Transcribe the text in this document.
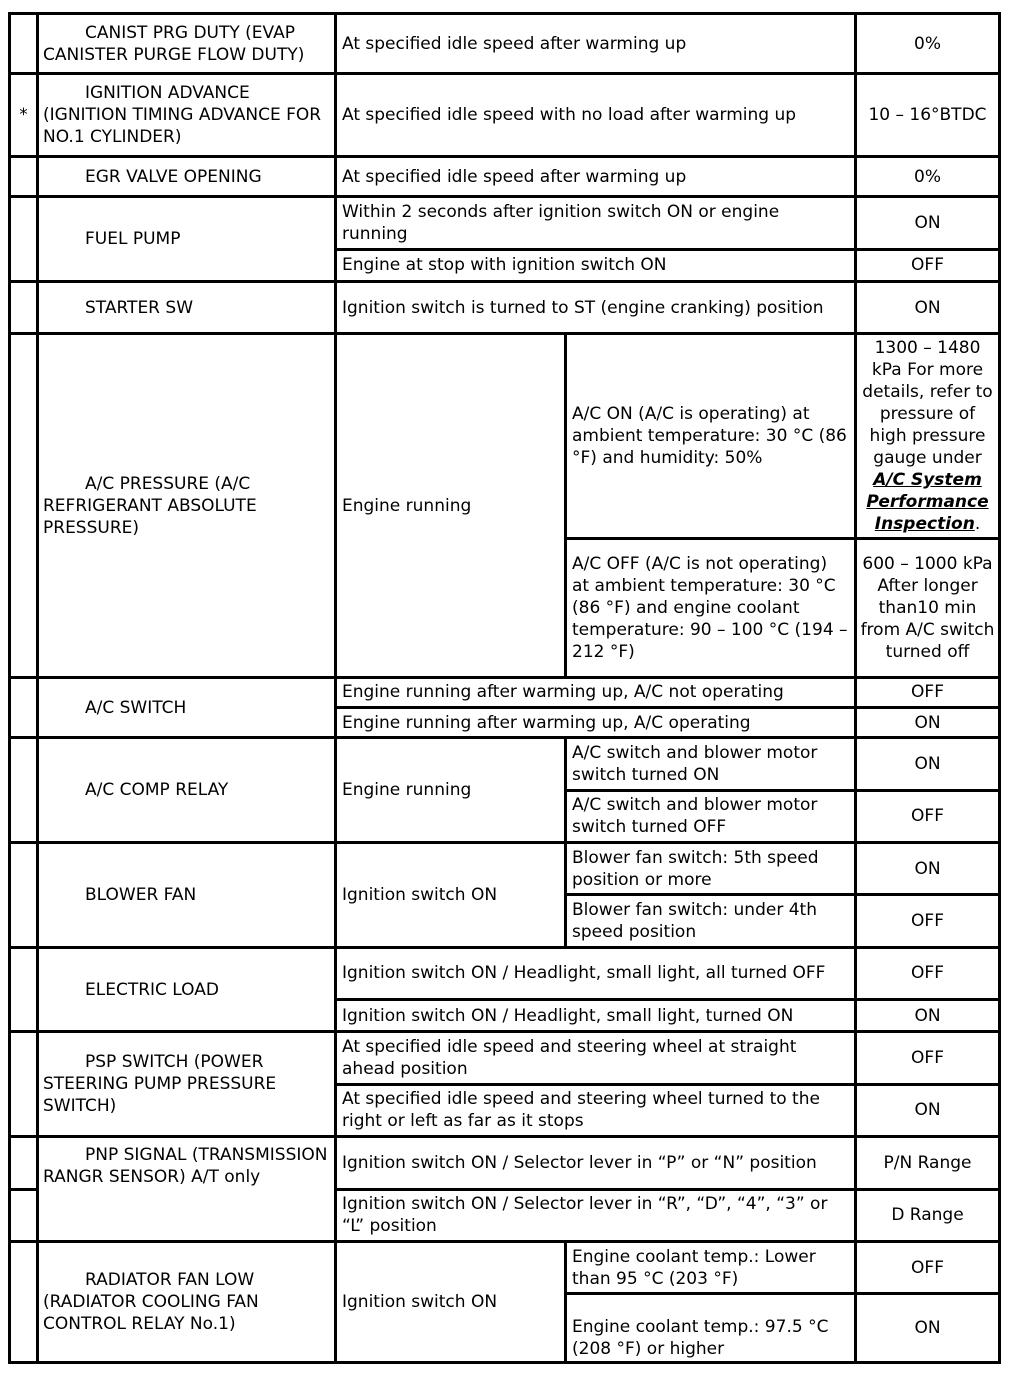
	CANIST PRG DUTY (EVAP CANISTER PURGE FLOW DUTY)	At specified idle speed after warming up		0%
*	IGNITION ADVANCE (IGNITION TIMING ADVANCE FOR NO.1 CYLINDER)	At specified idle speed with no load after warming up		10 – 16°BTDC
	EGR VALVE OPENING	At specified idle speed after warming up		0%
	FUEL PUMP	Within 2 seconds after ignition switch ON or engine running		ON
		Engine at stop with ignition switch ON		OFF
	STARTER SW	Ignition switch is turned to ST (engine cranking) position		ON
	A/C PRESSURE (A/C REFRIGERANT ABSOLUTE PRESSURE)	Engine running	A/C ON (A/C is operating) at ambient temperature: 30 °C (86 °F) and humidity: 50%	1300 – 1480 kPa For more details, refer to pressure of high pressure gauge under A/C System Performance Inspection.
			A/C OFF (A/C is not operating) at ambient temperature: 30 °C (86 °F) and engine coolant temperature: 90 – 100 °C (194 – 212 °F)	600 – 1000 kPa After longer than10 min from A/C switch turned off
	A/C SWITCH	Engine running after warming up, A/C not operating		OFF
		Engine running after warming up, A/C operating		ON
	A/C COMP RELAY	Engine running	A/C switch and blower motor switch turned ON	ON
			A/C switch and blower motor switch turned OFF	OFF
	BLOWER FAN	Ignition switch ON	Blower fan switch: 5th speed position or more	ON
			Blower fan switch: under 4th speed position	OFF
	ELECTRIC LOAD	Ignition switch ON / Headlight, small light, all turned OFF		OFF
		Ignition switch ON / Headlight, small light, turned ON		ON
	PSP SWITCH (POWER STEERING PUMP PRESSURE SWITCH)	At specified idle speed and steering wheel at straight ahead position		OFF
		At specified idle speed and steering wheel turned to the right or left as far as it stops		ON
	PNP SIGNAL (TRANSMISSION RANGR SENSOR) A/T only	Ignition switch ON / Selector lever in “P” or “N” position		P/N Range
		Ignition switch ON / Selector lever in “R”, “D”, “4”, “3” or “L” position		D Range
	RADIATOR FAN LOW (RADIATOR COOLING FAN CONTROL RELAY No.1)	Ignition switch ON	Engine coolant temp.: Lower than 95 °C (203 °F)	OFF
			Engine coolant temp.: 97.5 °C (208 °F) or higher	ON
